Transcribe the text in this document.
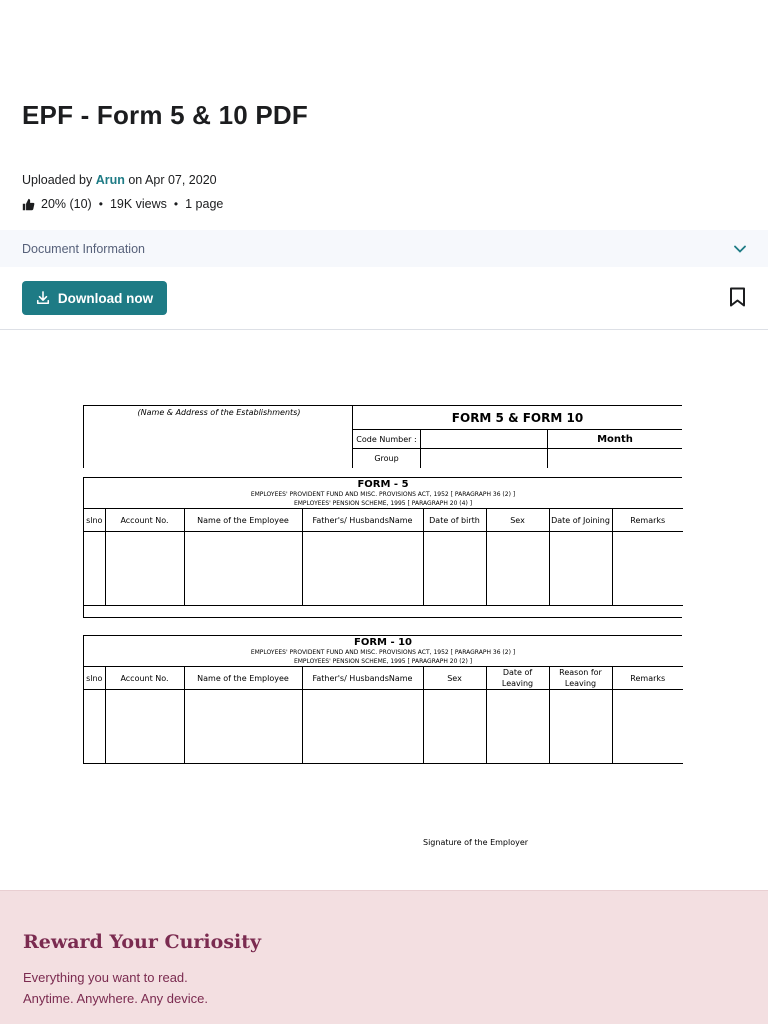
EPF - Form 5 & 10 PDF
Uploaded by Arun on Apr 07, 2020
20% (10) • 19K views • 1 page
Document Information
Download now
(Name & Address of the Establishments)	FORM 5 & FORM 10
Code Number :	Month
Group
FORM - 5
EMPLOYEES' PROVIDENT FUND AND MISC. PROVISIONS ACT, 1952 [ PARAGRAPH 36 (2) ]
EMPLOYEES' PENSION SCHEME, 1995 [ PARAGRAPH 20 (4) ]
slno	Account No.	Name of the Employee	Father's/ HusbandsName	Date of birth	Sex	Date of Joining	Remarks

FORM - 10
EMPLOYEES' PROVIDENT FUND AND MISC. PROVISIONS ACT, 1952 [ PARAGRAPH 36 (2) ]
EMPLOYEES' PENSION SCHEME, 1995 [ PARAGRAPH 20 (2) ]
slno	Account No.	Name of the Employee	Father's/ HusbandsName	Sex	Date of Leaving	Reason for Leaving	Remarks

Signature of the Employer
Reward Your Curiosity
Everything you want to read.
Anytime. Anywhere. Any device.
